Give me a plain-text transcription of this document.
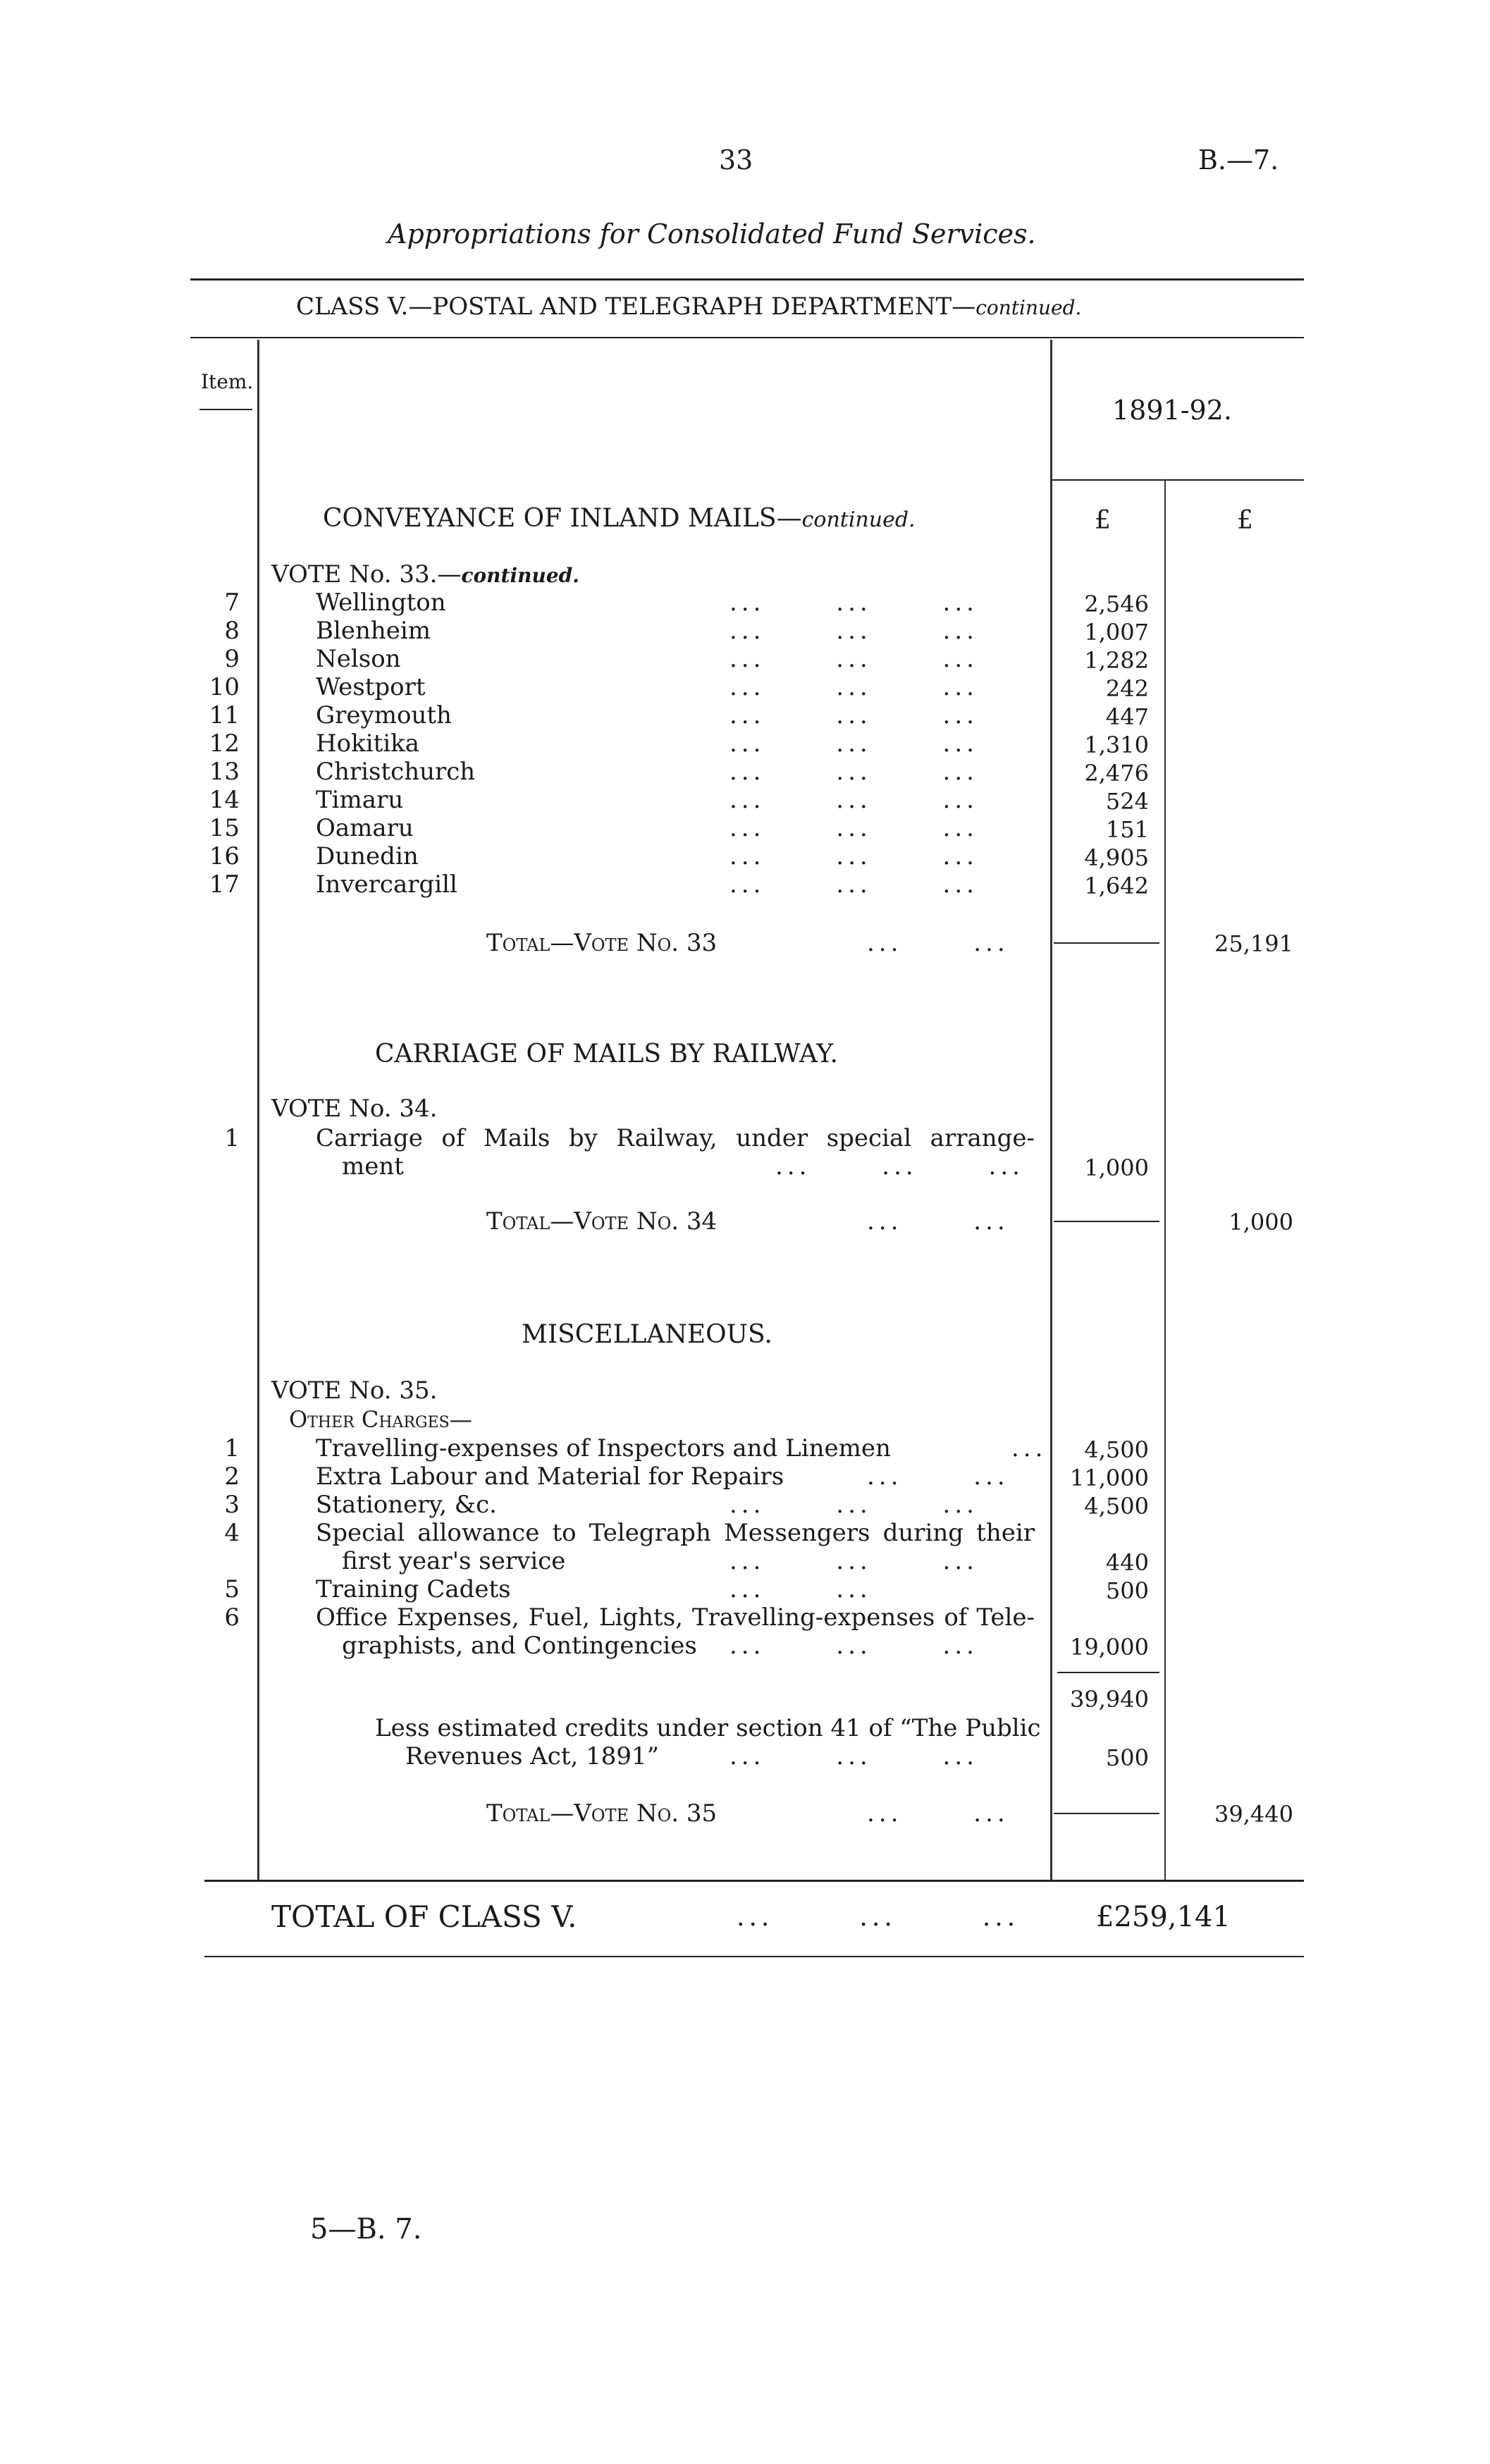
33	B.—7.
Appropriations for Consolidated Fund Services.
CLASS V.—POSTAL AND TELEGRAPH DEPARTMENT—continued.
Item.
1891-92.
CONVEYANCE OF INLAND MAILS—continued.	£	£
VOTE No. 33.—continued.
7	Wellington	...      ...      ...	2,546
8	Blenheim	...      ...      ...	1,007
9	Nelson	...      ...      ...	1,282
10	Westport	...      ...      ...	242
11	Greymouth	...      ...      ...	447
12	Hokitika	...      ...      ...	1,310
13	Christchurch	...      ...      ...	2,476
14	Timaru	...      ...      ...	524
15	Oamaru	...      ...      ...	151
16	Dunedin	...      ...      ...	4,905
17	Invercargill	...      ...      ...	1,642
Total—Vote No. 33	...      ...	25,191
CARRIAGE OF MAILS BY RAILWAY.
VOTE No. 34.
1	Carriage of Mails by Railway, under special arrange-
ment	...      ...      ...	1,000
Total—Vote No. 34	...      ...	1,000
MISCELLANEOUS.
VOTE No. 35.
Other Charges—
1	Travelling-expenses of Inspectors and Linemen	...	4,500
2	Extra Labour and Material for Repairs	...      ...	11,000
3	Stationery, &c.	...      ...      ...	4,500
4	Special allowance to Telegraph Messengers during their
first year's service	...      ...      ...	440
5	Training Cadets	...      ...	500
6	Office Expenses, Fuel, Lights, Travelling-expenses of Tele-
graphists, and Contingencies ...      ...      ...	19,000
39,940
Less estimated credits under section 41 of “The Public
Revenues Act, 1891”	...      ...      ...	500
Total—Vote No. 35	...      ...	39,440
TOTAL OF CLASS V.	...       ...       ...	£259,141
5—B. 7.
